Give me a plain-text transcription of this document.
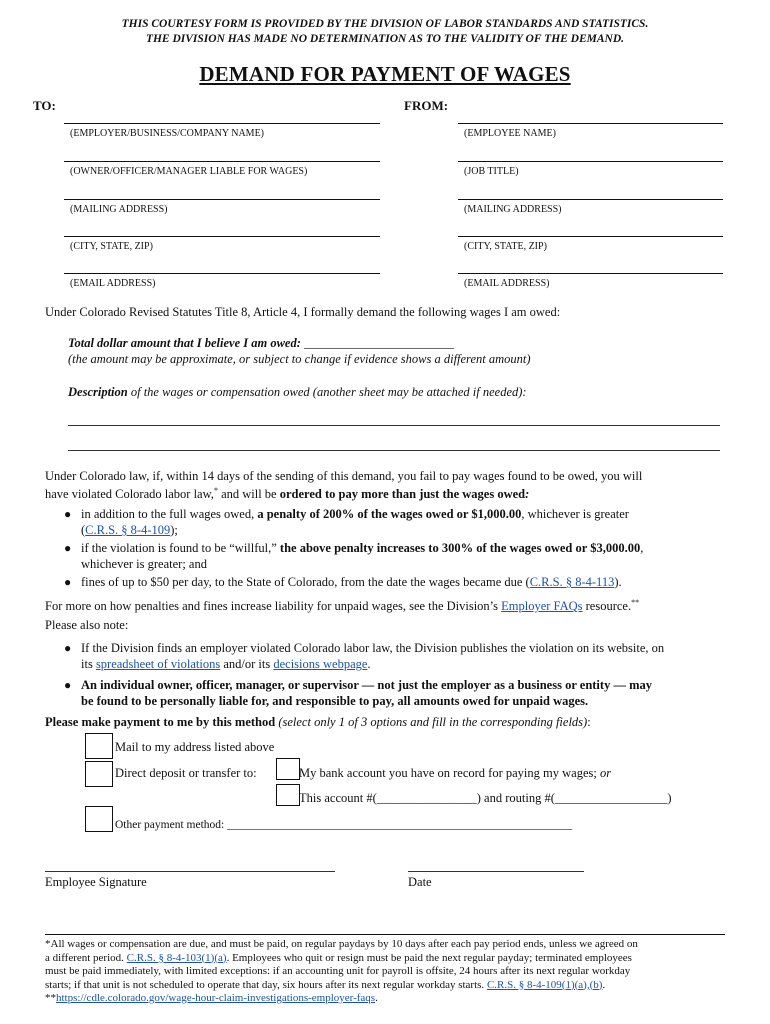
THIS COURTESY FORM IS PROVIDED BY THE DIVISION OF LABOR STANDARDS AND STATISTICS.
THE DIVISION HAS MADE NO DETERMINATION AS TO THE VALIDITY OF THE DEMAND.
DEMAND FOR PAYMENT OF WAGES
TO:	FROM:
(EMPLOYER/BUSINESS/COMPANY NAME)
(OWNER/OFFICER/MANAGER LIABLE FOR WAGES)
(MAILING ADDRESS)
(CITY, STATE, ZIP)
(EMAIL ADDRESS)
(EMPLOYEE NAME)
(JOB TITLE)
(MAILING ADDRESS)
(CITY, STATE, ZIP)
(EMAIL ADDRESS)
Under Colorado Revised Statutes Title 8, Article 4, I formally demand the following wages I am owed:
Total dollar amount that I believe I am owed: ________________________
(the amount may be approximate, or subject to change if evidence shows a different amount)
Description of the wages or compensation owed (another sheet may be attached if needed):
Under Colorado law, if, within 14 days of the sending of this demand, you fail to pay wages found to be owed, you will
have violated Colorado labor law,* and will be ordered to pay more than just the wages owed:
● in addition to the full wages owed, a penalty of 200% of the wages owed or $1,000.00, whichever is greater
(C.R.S. § 8-4-109);
● if the violation is found to be “willful,” the above penalty increases to 300% of the wages owed or $3,000.00,
whichever is greater; and
● fines of up to $50 per day, to the State of Colorado, from the date the wages became due (C.R.S. § 8-4-113).
For more on how penalties and fines increase liability for unpaid wages, see the Division’s Employer FAQs resource.**
Please also note:
● If the Division finds an employer violated Colorado labor law, the Division publishes the violation on its website, on
its spreadsheet of violations and/or its decisions webpage.
● An individual owner, officer, manager, or supervisor — not just the employer as a business or entity — may
be found to be personally liable for, and responsible to pay, all amounts owed for unpaid wages.
Please make payment to me by this method (select only 1 of 3 options and fill in the corresponding fields):
Mail to my address listed above
Direct deposit or transfer to:	My bank account you have on record for paying my wages; or
This account #(________________) and routing #(__________________)
Other payment method: ____________________________________________________________
Employee Signature	Date
*All wages or compensation are due, and must be paid, on regular paydays by 10 days after each pay period ends, unless we agreed on
a different period. C.R.S. § 8-4-103(1)(a). Employees who quit or resign must be paid the next regular payday; terminated employees
must be paid immediately, with limited exceptions: if an accounting unit for payroll is offsite, 24 hours after its next regular workday
starts; if that unit is not scheduled to operate that day, six hours after its next regular workday starts. C.R.S. § 8-4-109(1)(a),(b).
**https://cdle.colorado.gov/wage-hour-claim-investigations-employer-faqs.
